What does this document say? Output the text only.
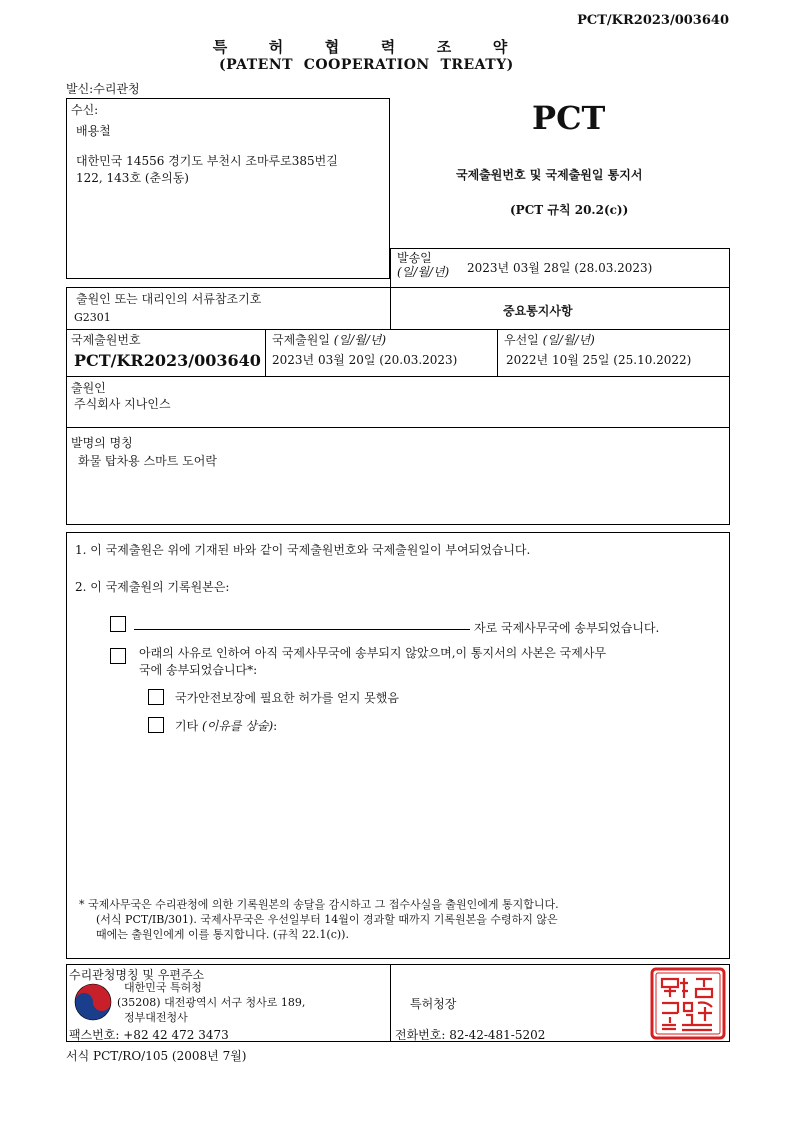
PCT/KR2023/003640
특	허	협	력	조	약
(PATENT  COOPERATION  TREATY)
발신:수리관청
수신:
배용철
대한민국 14556 경기도 부천시 조마루로385번길
122, 143호 (춘의동)
PCT
국제출원번호 및 국제출원일 통지서
(PCT 규칙 20.2(c))
발송일
(일/월/년) 2023년 03월 28일 (28.03.2023)
출원인 또는 대리인의 서류참조기호
G2301	중요통지사항
국제출원번호
PCT/KR2023/003640
국제출원일 (일/월/년)
2023년 03월 20일 (20.03.2023)
우선일 (일/월/년)
2022년 10월 25일 (25.10.2022)
출원인
주식회사 지나인스
발명의 명칭
화물 탑차용 스마트 도어락
1. 이 국제출원은 위에 기재된 바와 같이 국제출원번호와 국제출원일이 부여되었습니다.
2. 이 국제출원의 기록원본은:
자로 국제사무국에 송부되었습니다.
아래의 사유로 인하여 아직 국제사무국에 송부되지 않았으며,이 통지서의 사본은 국제사무
국에 송부되었습니다*:
국가안전보장에 필요한 허가를 얻지 못했음
기타 (이유를 상술):
* 국제사무국은 수리관청에 의한 기록원본의 송달을 감시하고 그 접수사실을 출원인에게 통지합니다.
(서식 PCT/IB/301). 국제사무국은 우선일부터 14월이 경과할 때까지 기록원본을 수령하지 않은
때에는 출원인에게 이를 통지합니다. (규칙 22.1(c)).
수리관청명칭 및 우편주소
대한민국 특허청
(35208) 대전광역시 서구 청사로 189,
정부대전청사
팩스번호: +82 42 472 3473
특허청장
전화번호: 82-42-481-5202
서식 PCT/RO/105 (2008년 7월)
